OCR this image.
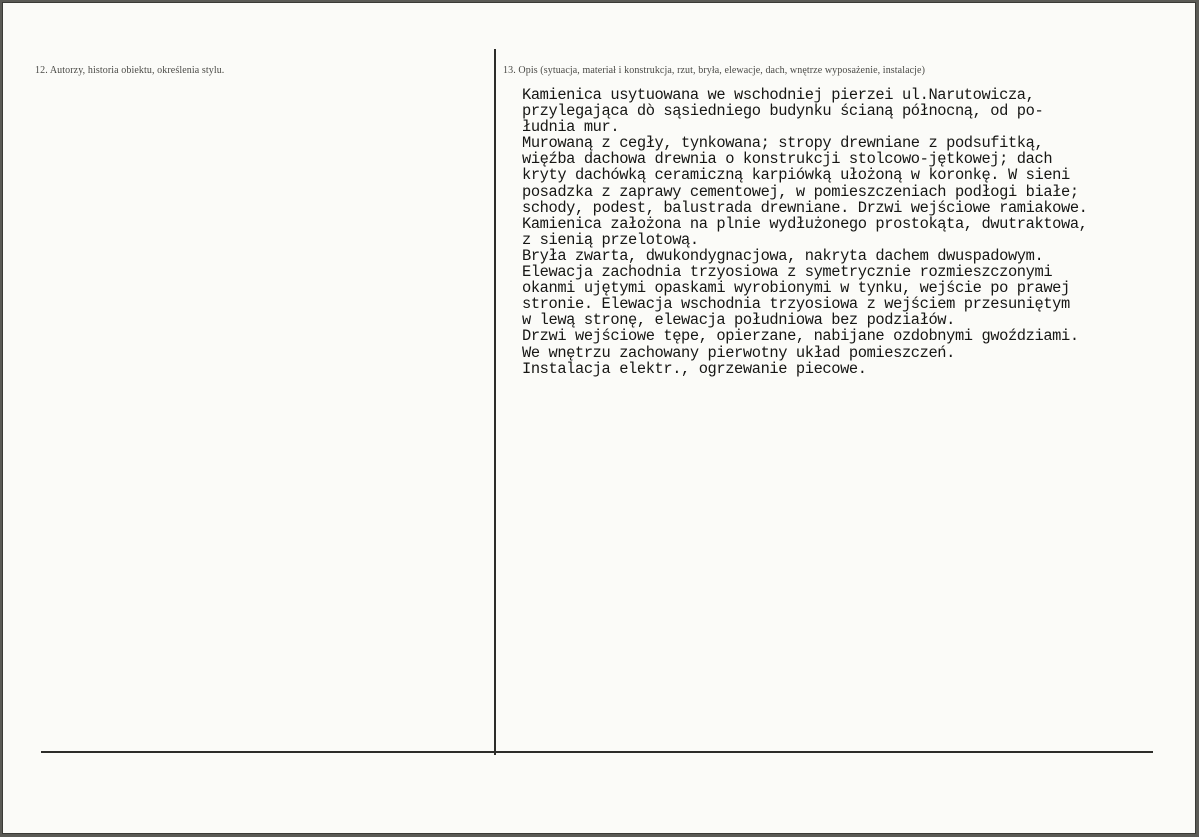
12. Autorzy, historia obiektu, określenia stylu.	13. Opis (sytuacja, materiał i konstrukcja, rzut, bryła, elewacje, dach, wnętrze wyposażenie, instalacje)
Kamienica usytuowana we wschodniej pierzei ul.Narutowicza,
przylegająca dò sąsiedniego budynku ścianą północną, od po-
łudnia mur.
Murowaną z cegły, tynkowana; stropy drewniane z podsufitką,
więźba dachowa drewnia o konstrukcji stolcowo-jętkowej; dach
kryty dachówką ceramiczną karpiówką ułożoną w koronkę. W sieni
posadzka z zaprawy cementowej, w pomieszczeniach podłogi białe;
schody, podest, balustrada drewniane. Drzwi wejściowe ramiakowe.
Kamienica założona na plnie wydłużonego prostokąta, dwutraktowa,
z sienią przelotową.
Bryła zwarta, dwukondygnacjowa, nakryta dachem dwuspadowym.
Elewacja zachodnia trzyosiowa z symetrycznie rozmieszczonymi
okanmi ujętymi opaskami wyrobionymi w tynku, wejście po prawej
stronie. Elewacja wschodnia trzyosiowa z wejściem przesuniętym
w lewą stronę, elewacja południowa bez podziałów.
Drzwi wejściowe tępe, opierzane, nabijane ozdobnymi gwoździami.
We wnętrzu zachowany pierwotny układ pomieszczeń.
Instalacja elektr., ogrzewanie piecowe.
